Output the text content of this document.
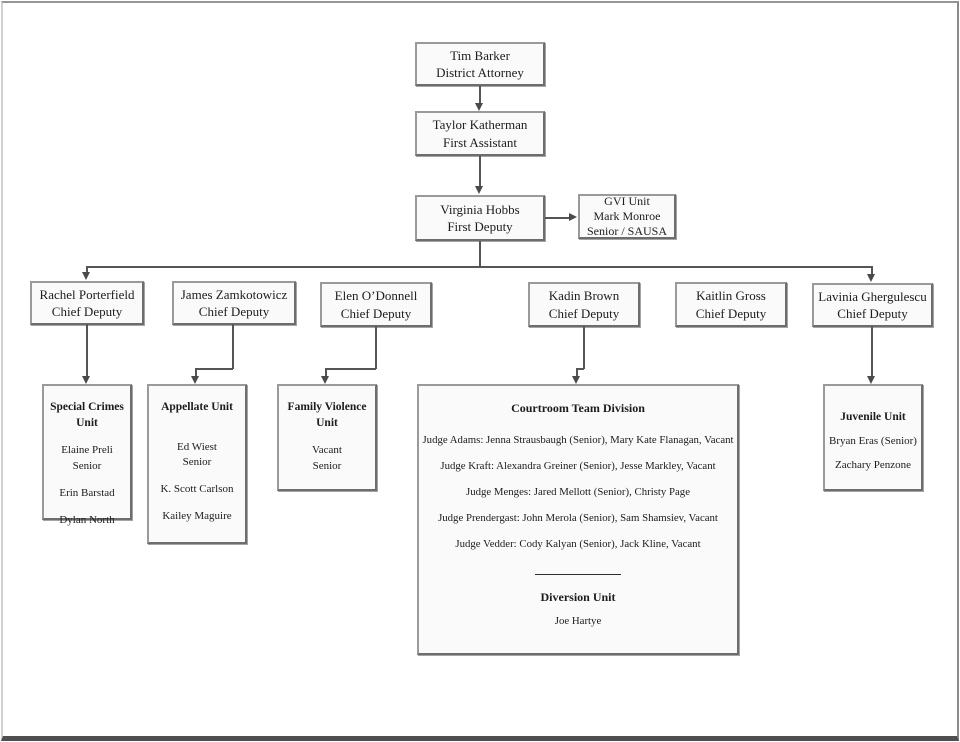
Tim Barker
District Attorney
Taylor Katherman
First Assistant
Virginia Hobbs
First Deputy
GVI Unit
Mark Monroe
Senior / SAUSA
Rachel Porterfield
Chief Deputy
James Zamkotowicz
Chief Deputy
Elen O’Donnell
Chief Deputy
Kadin Brown
Chief Deputy
Kaitlin Gross
Chief Deputy
Lavinia Ghergulescu
Chief Deputy
Special Crimes
Unit
Elaine Preli
Senior
Erin Barstad
Dylan North
Appellate Unit
Ed Wiest
Senior
K. Scott Carlson
Kailey Maguire
Family Violence
Unit
Vacant
Senior
Courtroom Team Division
Judge Adams: Jenna Strausbaugh (Senior), Mary Kate Flanagan, Vacant
Judge Kraft: Alexandra Greiner (Senior), Jesse Markley, Vacant
Judge Menges: Jared Mellott (Senior), Christy Page
Judge Prendergast: John Merola (Senior), Sam Shamsiev, Vacant
Judge Vedder: Cody Kalyan (Senior), Jack Kline, Vacant
Diversion Unit
Joe Hartye
Juvenile Unit
Bryan Eras (Senior)
Zachary Penzone
